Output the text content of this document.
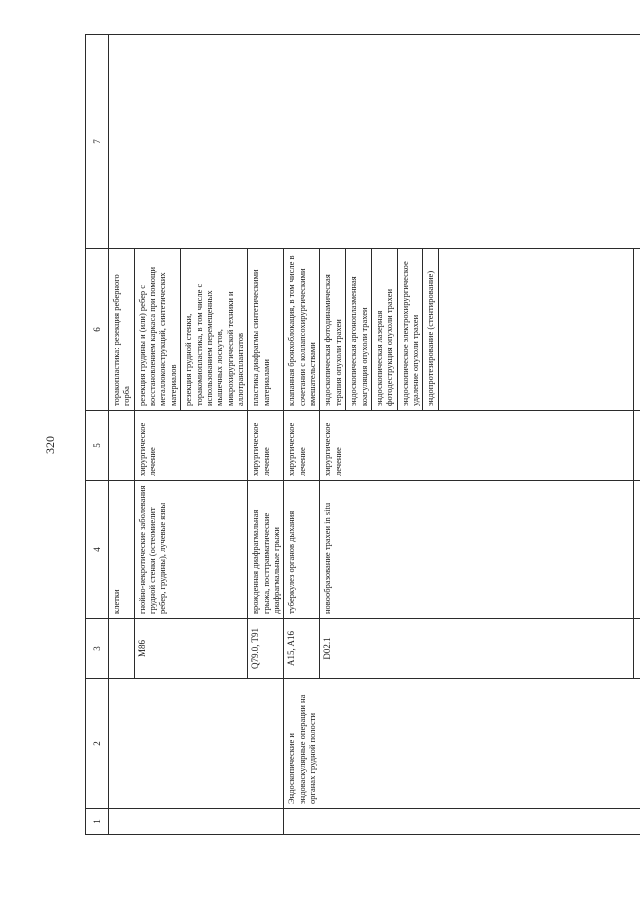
320
1	2	3	4	5	6	7
			клетки		торакопластика: резекция реберного горба	
		M86	гнойно-некротические заболевания грудной стенки (остеомиелит ребер, грудины), лучевые язвы	хирургическое лечение	резекция грудины и (или) ребер с восстановлением каркаса при помощи металлоконструкций, синтетических материалов	
					резекция грудной стенки, торакомиопластика, в том числе с использованием перемещенных мышечных лоскутов, микрохирургической техники и аллотрансплантатов	
		Q79.0, T91	врожденная диафрагмальная грыжа, посттравматические диафрагмальные грыжи	хирургическое лечение	пластика диафрагмы синтетическими материалами	
	Эндоскопические и эндоваскулярные операции на органах грудной полости	A15, A16	туберкулез органов дыхания	хирургическое лечение	клапанная бронхоблокация, в том числе в сочетании с коллапсохирургическими вмешательствами	
		D02.1	новообразование трахеи in situ	хирургическое лечение	эндоскопическая фотодинамическая терапия опухоли трахеи	
					эндоскопическая аргоноплазменная коагуляция опухоли трахеи	
					эндоскопическая лазерная фотодеструкция опухоли трахеи	
					эндоскопическое электрохирургическое удаление опухоли трахеи	
					эндопротезирование (стентирование)	
